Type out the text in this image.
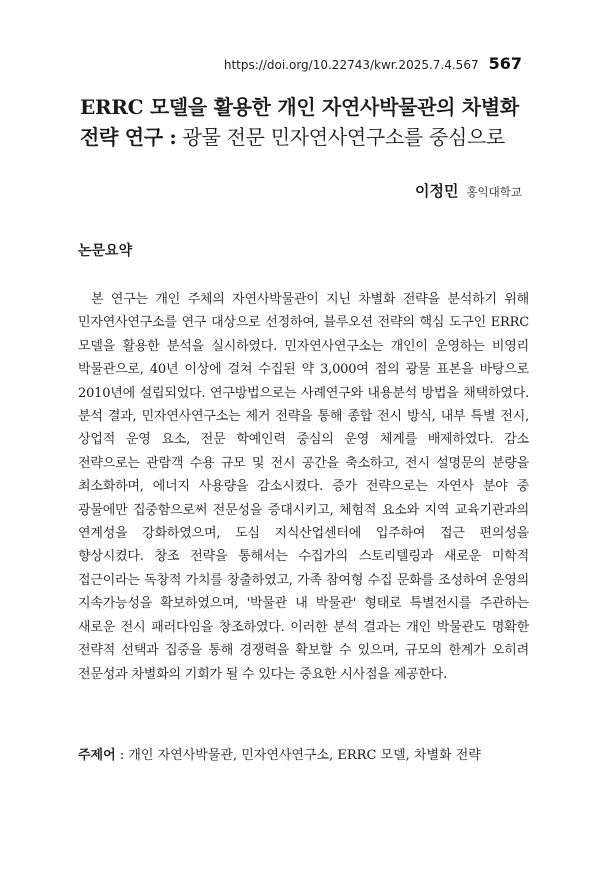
https://doi.org/10.22743/kwr.2025.7.4.567 567
ERRC 모델을 활용한 개인 자연사박물관의 차별화
전략 연구 : 광물 전문 민자연사연구소를 중심으로
이정민 홍익대학교
논문요약
본 연구는 개인 주체의 자연사박물관이 지닌 차별화 전략을 분석하기 위해 민자연사연구소를 연구 대상으로 선정하여, 블루오션 전략의 핵심 도구인 ERRC 모델을 활용한 분석을 실시하였다. 민자연사연구소는 개인이 운영하는 비영리 박물관으로, 40년 이상에 걸쳐 수집된 약 3,000여 점의 광물 표본을 바탕으로 2010년에 설립되었다. 연구방법으로는 사례연구와 내용분석 방법을 채택하였다. 분석 결과, 민자연사연구소는 제거 전략을 통해 종합 전시 방식, 내부 특별 전시, 상업적 운영 요소, 전문 학예인력 중심의 운영 체계를 배제하였다. 감소 전략으로는 관람객 수용 규모 및 전시 공간을 축소하고, 전시 설명문의 분량을 최소화하며, 에너지 사용량을 감소시켰다. 증가 전략으로는 자연사 분야 중 광물에만 집중함으로써 전문성을 증대시키고, 체험적 요소와 지역 교육기관과의 연계성을 강화하였으며, 도심 지식산업센터에 입주하여 접근 편의성을 향상시켰다. 창조 전략을 통해서는 수집가의 스토리텔링과 새로운 미학적 접근이라는 독창적 가치를 창출하였고, 가족 참여형 수집 문화를 조성하여 운영의 지속가능성을 확보하였으며, '박물관 내 박물관' 형태로 특별전시를 주관하는 새로운 전시 패러다임을 창조하였다. 이러한 분석 결과는 개인 박물관도 명확한 전략적 선택과 집중을 통해 경쟁력을 확보할 수 있으며, 규모의 한계가 오히려 전문성과 차별화의 기회가 될 수 있다는 중요한 시사점을 제공한다.
주제어 : 개인 자연사박물관, 민자연사연구소, ERRC 모델, 차별화 전략
